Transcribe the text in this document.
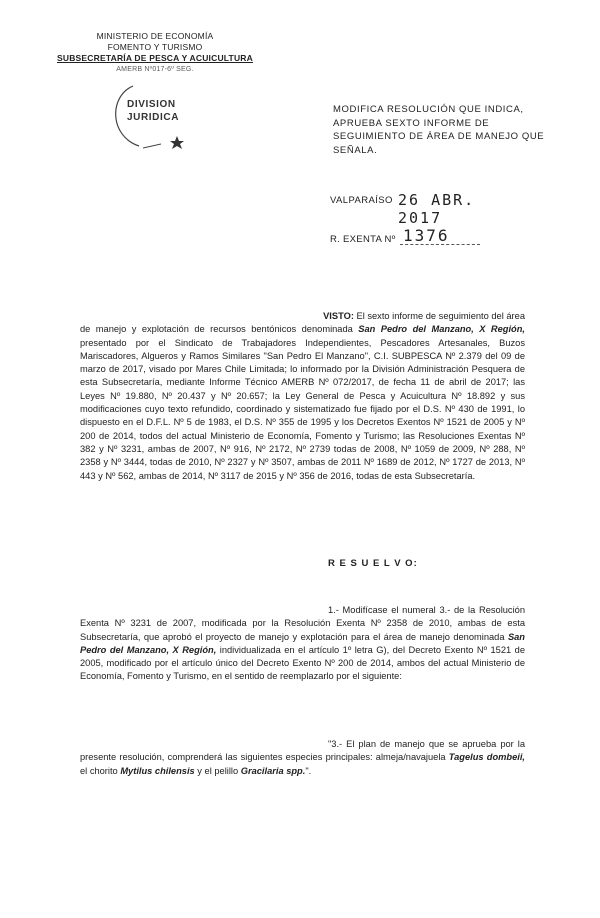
MINISTERIO DE ECONOMÍA
FOMENTO Y TURISMO
SUBSECRETARÍA DE PESCA Y ACUICULTURA
AMERB Nº017-6º SEG.
DIVISION
JURIDICA
MODIFICA RESOLUCIÓN QUE INDICA, APRUEBA SEXTO INFORME DE SEGUIMIENTO DE ÁREA DE MANEJO QUE SEÑALA.
VALPARAÍSO 26 ABR. 2017
R. EXENTA Nº 1376
VISTO: El sexto informe de seguimiento del área
de manejo y explotación de recursos bentónicos denominada San Pedro del Manzano, X Región, presentado por el Sindicato de Trabajadores Independientes, Pescadores Artesanales, Buzos Mariscadores, Algueros y Ramos Similares "San Pedro El Manzano", C.I. SUBPESCA Nº 2.379 del 09 de marzo de 2017, visado por Mares Chile Limitada; lo informado por la División Administración Pesquera de esta Subsecretaría, mediante Informe Técnico AMERB Nº 072/2017, de fecha 11 de abril de 2017; las Leyes Nº 19.880, Nº 20.437 y Nº 20.657; la Ley General de Pesca y Acuicultura Nº 18.892 y sus modificaciones cuyo texto refundido, coordinado y sistematizado fue fijado por el D.S. Nº 430 de 1991, lo dispuesto en el D.F.L. Nº 5 de 1983, el D.S. Nº 355 de 1995 y los Decretos Exentos Nº 1521 de 2005 y Nº 200 de 2014, todos del actual Ministerio de Economía, Fomento y Turismo; las Resoluciones Exentas Nº 382 y Nº 3231, ambas de 2007, Nº 916, Nº 2172, Nº 2739 todas de 2008, Nº 1059 de 2009, Nº 288, Nº 2358 y Nº 3444, todas de 2010, Nº 2327 y Nº 3507, ambas de 2011 Nº 1689 de 2012, Nº 1727 de 2013, Nº 443 y Nº 562, ambas de 2014, Nº 3117 de 2015 y Nº 356 de 2016, todas de esta Subsecretaría.
R E S U E L V O:
1.- Modifícase el numeral 3.- de la Resolución Exenta Nº 3231 de 2007, modificada por la Resolución Exenta Nº 2358 de 2010, ambas de esta Subsecretaría, que aprobó el proyecto de manejo y explotación para el área de manejo denominada San Pedro del Manzano, X Región, individualizada en el artículo 1º letra G), del Decreto Exento Nº 1521 de 2005, modificado por el artículo único del Decreto Exento Nº 200 de 2014, ambos del actual Ministerio de Economía, Fomento y Turismo, en el sentido de reemplazarlo por el siguiente:
"3.- El plan de manejo que se aprueba por la presente resolución, comprenderá las siguientes especies principales: almeja/navajuela Tagelus dombeii, el chorito Mytilus chilensis y el pelillo Gracilaria spp.".
